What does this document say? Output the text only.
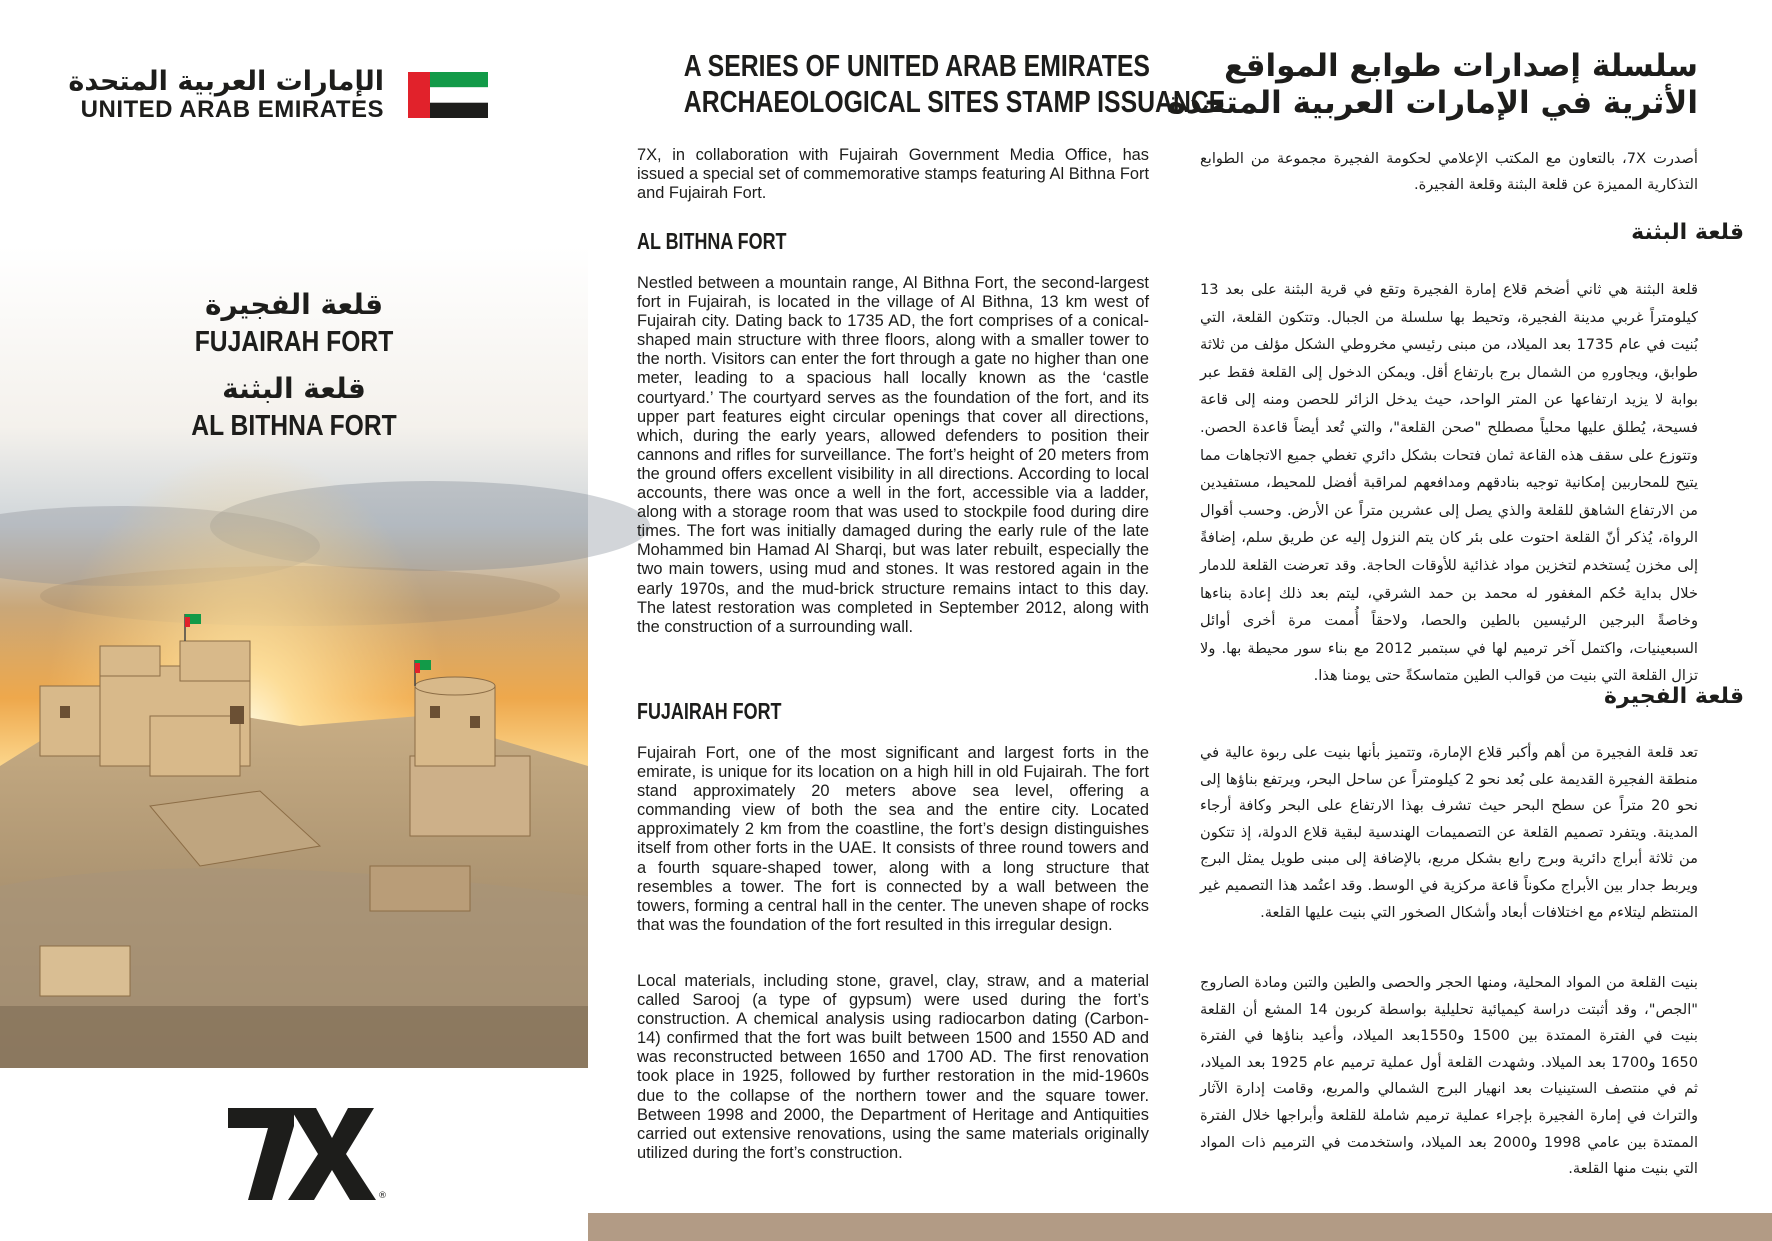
الإمارات العربية المتحدة
UNITED ARAB EMIRATES
قلعة الفجيرة
FUJAIRAH FORT
قلعة البثنة
AL BITHNA FORT
®
A SERIES OF UNITED ARAB EMIRATES
ARCHAEOLOGICAL SITES STAMP ISSUANCE

7X, in collaboration with Fujairah Government Media Office, has issued a special set of commemorative stamps featuring Al Bithna Fort and Fujairah Fort.

AL BITHNA FORT

Nestled between a mountain range, Al Bithna Fort, the second-largest fort in Fujairah, is located in the village of Al Bithna, 13 km west of Fujairah city. Dating back to 1735 AD, the fort comprises of a conical-shaped main structure with three floors, along with a smaller tower to the north. Visitors can enter the fort through a gate no higher than one meter, leading to a spacious hall locally known as the ‘castle courtyard.’ The courtyard serves as the foundation of the fort, and its upper part features eight circular openings that cover all directions, which, during the early years, allowed defenders to position their cannons and rifles for surveillance. The fort’s height of 20 meters from the ground offers excellent visibility in all directions. According to local accounts, there was once a well in the fort, accessible via a ladder, along with a storage room that was used to stockpile food during dire times. The fort was initially damaged during the early rule of the late Mohammed bin Hamad Al Sharqi, but was later rebuilt, especially the two main towers, using mud and stones. It was restored again in the early 1970s, and the mud-brick structure remains intact to this day. The latest restoration was completed in September 2012, along with the construction of a surrounding wall.

FUJAIRAH FORT

Fujairah Fort, one of the most significant and largest forts in the emirate, is unique for its location on a high hill in old Fujairah. The fort stand approximately 20 meters above sea level, offering a commanding view of both the sea and the entire city. Located approximately 2 km from the coastline, the fort’s design distinguishes itself from other forts in the UAE. It consists of three round towers and a fourth square-shaped tower, along with a long structure that resembles a tower. The fort is connected by a wall between the towers, forming a central hall in the center. The uneven shape of rocks that was the foundation of the fort resulted in this irregular design.

Local materials, including stone, gravel, clay, straw, and a material called Sarooj (a type of gypsum) were used during the fort’s construction. A chemical analysis using radiocarbon dating (Carbon-14) confirmed that the fort was built between 1500 and 1550 AD and was reconstructed between 1650 and 1700 AD. The first renovation took place in 1925, followed by further restoration in the mid-1960s due to the collapse of the northern tower and the square tower. Between 1998 and 2000, the Department of Heritage and Antiquities carried out extensive renovations, using the same materials originally utilized during the fort’s construction.

سلسلة إصدارات طوابع المواقع
الأثرية في الإمارات العربية المتحدة

أصدرت 7X، بالتعاون مع المكتب الإعلامي لحكومة الفجيرة مجموعة من الطوابع التذكارية المميزة عن قلعة البثنة وقلعة الفجيرة.

قلعة البثنة

قلعة البثنة هي ثاني أضخم قلاع إمارة الفجيرة وتقع في قرية البثنة على بعد 13 كيلومتراً غربي مدينة الفجيرة، وتحيط بها سلسلة من الجبال. وتتكون القلعة، التي بُنيت في عام 1735 بعد الميلاد، من مبنى رئيسي مخروطي الشكل مؤلف من ثلاثة طوابق، ويجاورهِ من الشمال برج بارتفاع أقل. ويمكن الدخول إلى القلعة فقط عبر بوابة لا يزيد ارتفاعها عن المتر الواحد، حيث يدخل الزائر للحصن ومنه إلى قاعة فسيحة، يُطلق عليها محلياً مصطلح "صحن القلعة"، والتي تُعد أيضاً قاعدة الحصن. وتتوزع على سقف هذه القاعة ثمان فتحات بشكل دائري تغطي جميع الاتجاهات مما يتيح للمحاربين إمكانية توجيه بنادقهم ومدافعهم لمراقبة أفضل للمحيط، مستفيدين من الارتفاع الشاهق للقلعة والذي يصل إلى عشرين متراً عن الأرض. وحسب أقوال الرواة، يُذكر أنّ القلعة احتوت على بئر كان يتم النزول إليه عن طريق سلم، إضافةً إلى مخزن يُستخدم لتخزين مواد غذائية للأوقات الحاجة. وقد تعرضت القلعة للدمار خلال بداية حُكم المغفور له محمد بن حمد الشرقي، ليتم بعد ذلك إعادة بناءها وخاصةً البرجين الرئيسين بالطين والحصا، ولاحقاً أُممت مرة أخرى أوائل السبعينيات، واكتمل آخر ترميم لها في سبتمبر 2012 مع بناء سور محيطة بها. ولا تزال القلعة التي بنيت من قوالب الطين متماسكةً حتى يومنا هذا.

قلعة الفجيرة

تعد قلعة الفجيرة من أهم وأكبر قلاع الإمارة، وتتميز بأنها بنيت على ربوة عالية في منطقة الفجيرة القديمة على بُعد نحو 2 كيلومتراً عن ساحل البحر، ويرتفع بناؤها إلى نحو 20 متراً عن سطح البحر حيث تشرف بهذا الارتفاع على البحر وكافة أرجاء المدينة. ويتفرد تصميم القلعة عن التصميمات الهندسية لبقية قلاع الدولة، إذ تتكون من ثلاثة أبراج دائرية وبرج رابع بشكل مربع، بالإضافة إلى مبنى طويل يمثل البرج ويربط جدار بين الأبراج مكوناً قاعة مركزية في الوسط. وقد اعتُمد هذا التصميم غير المنتظم ليتلاءم مع اختلافات أبعاد وأشكال الصخور التي بنيت عليها القلعة.

بنيت القلعة من المواد المحلية، ومنها الحجر والحصى والطين والتبن ومادة الصاروج "الجص"، وقد أثبتت دراسة كيميائية تحليلية بواسطة كربون 14 المشع أن القلعة بنيت في الفترة الممتدة بين 1500 و1550بعد الميلاد، وأعيد بناؤها في الفترة 1650 و1700 بعد الميلاد. وشهدت القلعة أول عملية ترميم عام 1925 بعد الميلاد، ثم في منتصف الستينيات بعد انهيار البرج الشمالي والمربع، وقامت إدارة الآثار والتراث في إمارة الفجيرة بإجراء عملية ترميم شاملة للقلعة وأبراجها خلال الفترة الممتدة بين عامي 1998 و2000 بعد الميلاد، واستخدمت في الترميم ذات المواد التي بنيت منها القلعة.
